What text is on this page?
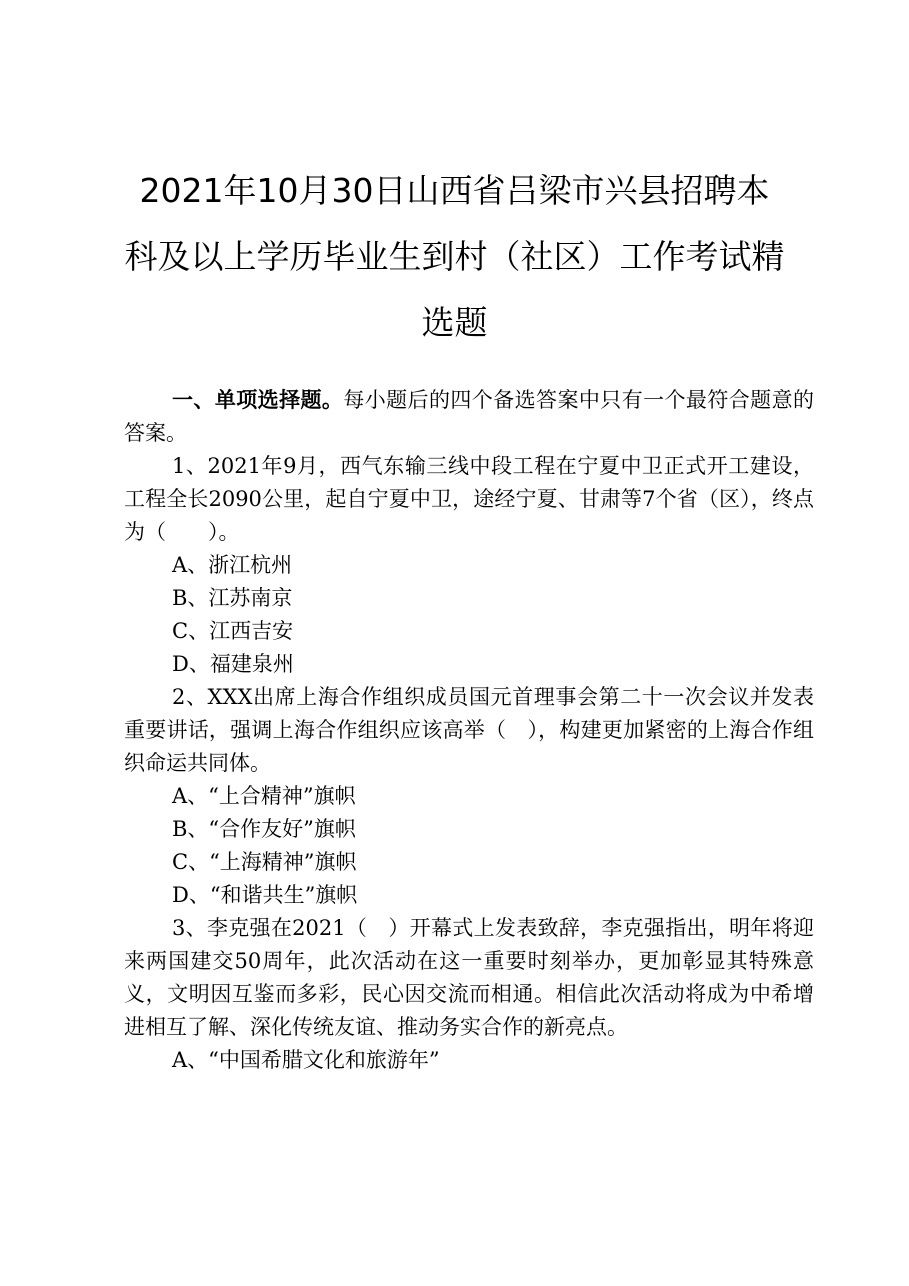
2021年10月30日山西省吕梁市兴县招聘本
科及以上学历毕业生到村（社区）工作考试精
选题

一、单项选择题。每小题后的四个备选答案中只有一个最符合题意的答案。

1、2021年9月，西气东输三线中段工程在宁夏中卫正式开工建设，工程全长2090公里，起自宁夏中卫，途经宁夏、甘肃等7个省（区），终点为（　　）。

A、浙江杭州

B、江苏南京

C、江西吉安

D、福建泉州

2、XXX出席上海合作组织成员国元首理事会第二十一次会议并发表重要讲话，强调上海合作组织应该高举（　），构建更加紧密的上海合作组织命运共同体。

A、“上合精神”旗帜

B、“合作友好”旗帜

C、“上海精神”旗帜

D、“和谐共生”旗帜

3、李克强在2021（　）开幕式上发表致辞，李克强指出，明年将迎来两国建交50周年，此次活动在这一重要时刻举办，更加彰显其特殊意义，文明因互鉴而多彩，民心因交流而相通。相信此次活动将成为中希增进相互了解、深化传统友谊、推动务实合作的新亮点。

A、“中国希腊文化和旅游年”
